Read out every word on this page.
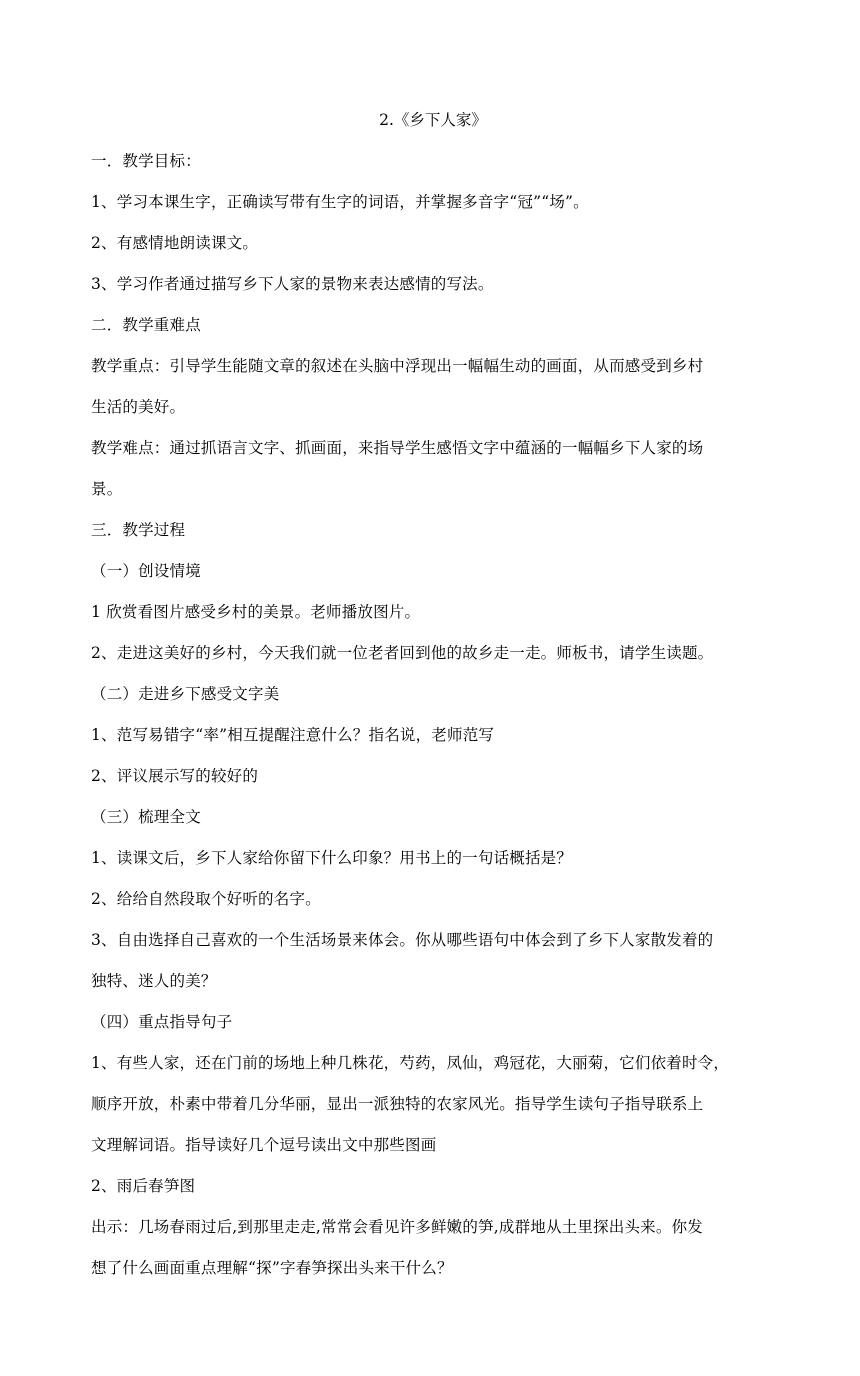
2.《乡下人家》
一．教学目标：
1、学习本课生字，正确读写带有生字的词语，并掌握多音字“冠”“场”。
2、有感情地朗读课文。
3、学习作者通过描写乡下人家的景物来表达感情的写法。
二．教学重难点
教学重点：引导学生能随文章的叙述在头脑中浮现出一幅幅生动的画面，从而感受到乡村
生活的美好。
教学难点：通过抓语言文字、抓画面，来指导学生感悟文字中蕴涵的一幅幅乡下人家的场
景。
三．教学过程
（一）创设情境
1 欣赏看图片感受乡村的美景。老师播放图片。
2、走进这美好的乡村，今天我们就一位老者回到他的故乡走一走。师板书，请学生读题。
（二）走进乡下感受文字美
1、范写易错字“率”相互提醒注意什么？指名说，老师范写
2、评议展示写的较好的
（三）梳理全文
1、读课文后，乡下人家给你留下什么印象？用书上的一句话概括是？
2、给给自然段取个好听的名字。
3、自由选择自己喜欢的一个生活场景来体会。你从哪些语句中体会到了乡下人家散发着的
独特、迷人的美？
（四）重点指导句子
1、有些人家，还在门前的场地上种几株花，芍药，凤仙，鸡冠花，大丽菊，它们依着时令，
顺序开放，朴素中带着几分华丽，显出一派独特的农家风光。指导学生读句子指导联系上
文理解词语。指导读好几个逗号读出文中那些图画
2、雨后春笋图
出示：几场春雨过后,到那里走走,常常会看见许多鲜嫩的笋,成群地从土里探出头来。你发
想了什么画面重点理解“探”字春笋探出头来干什么？
